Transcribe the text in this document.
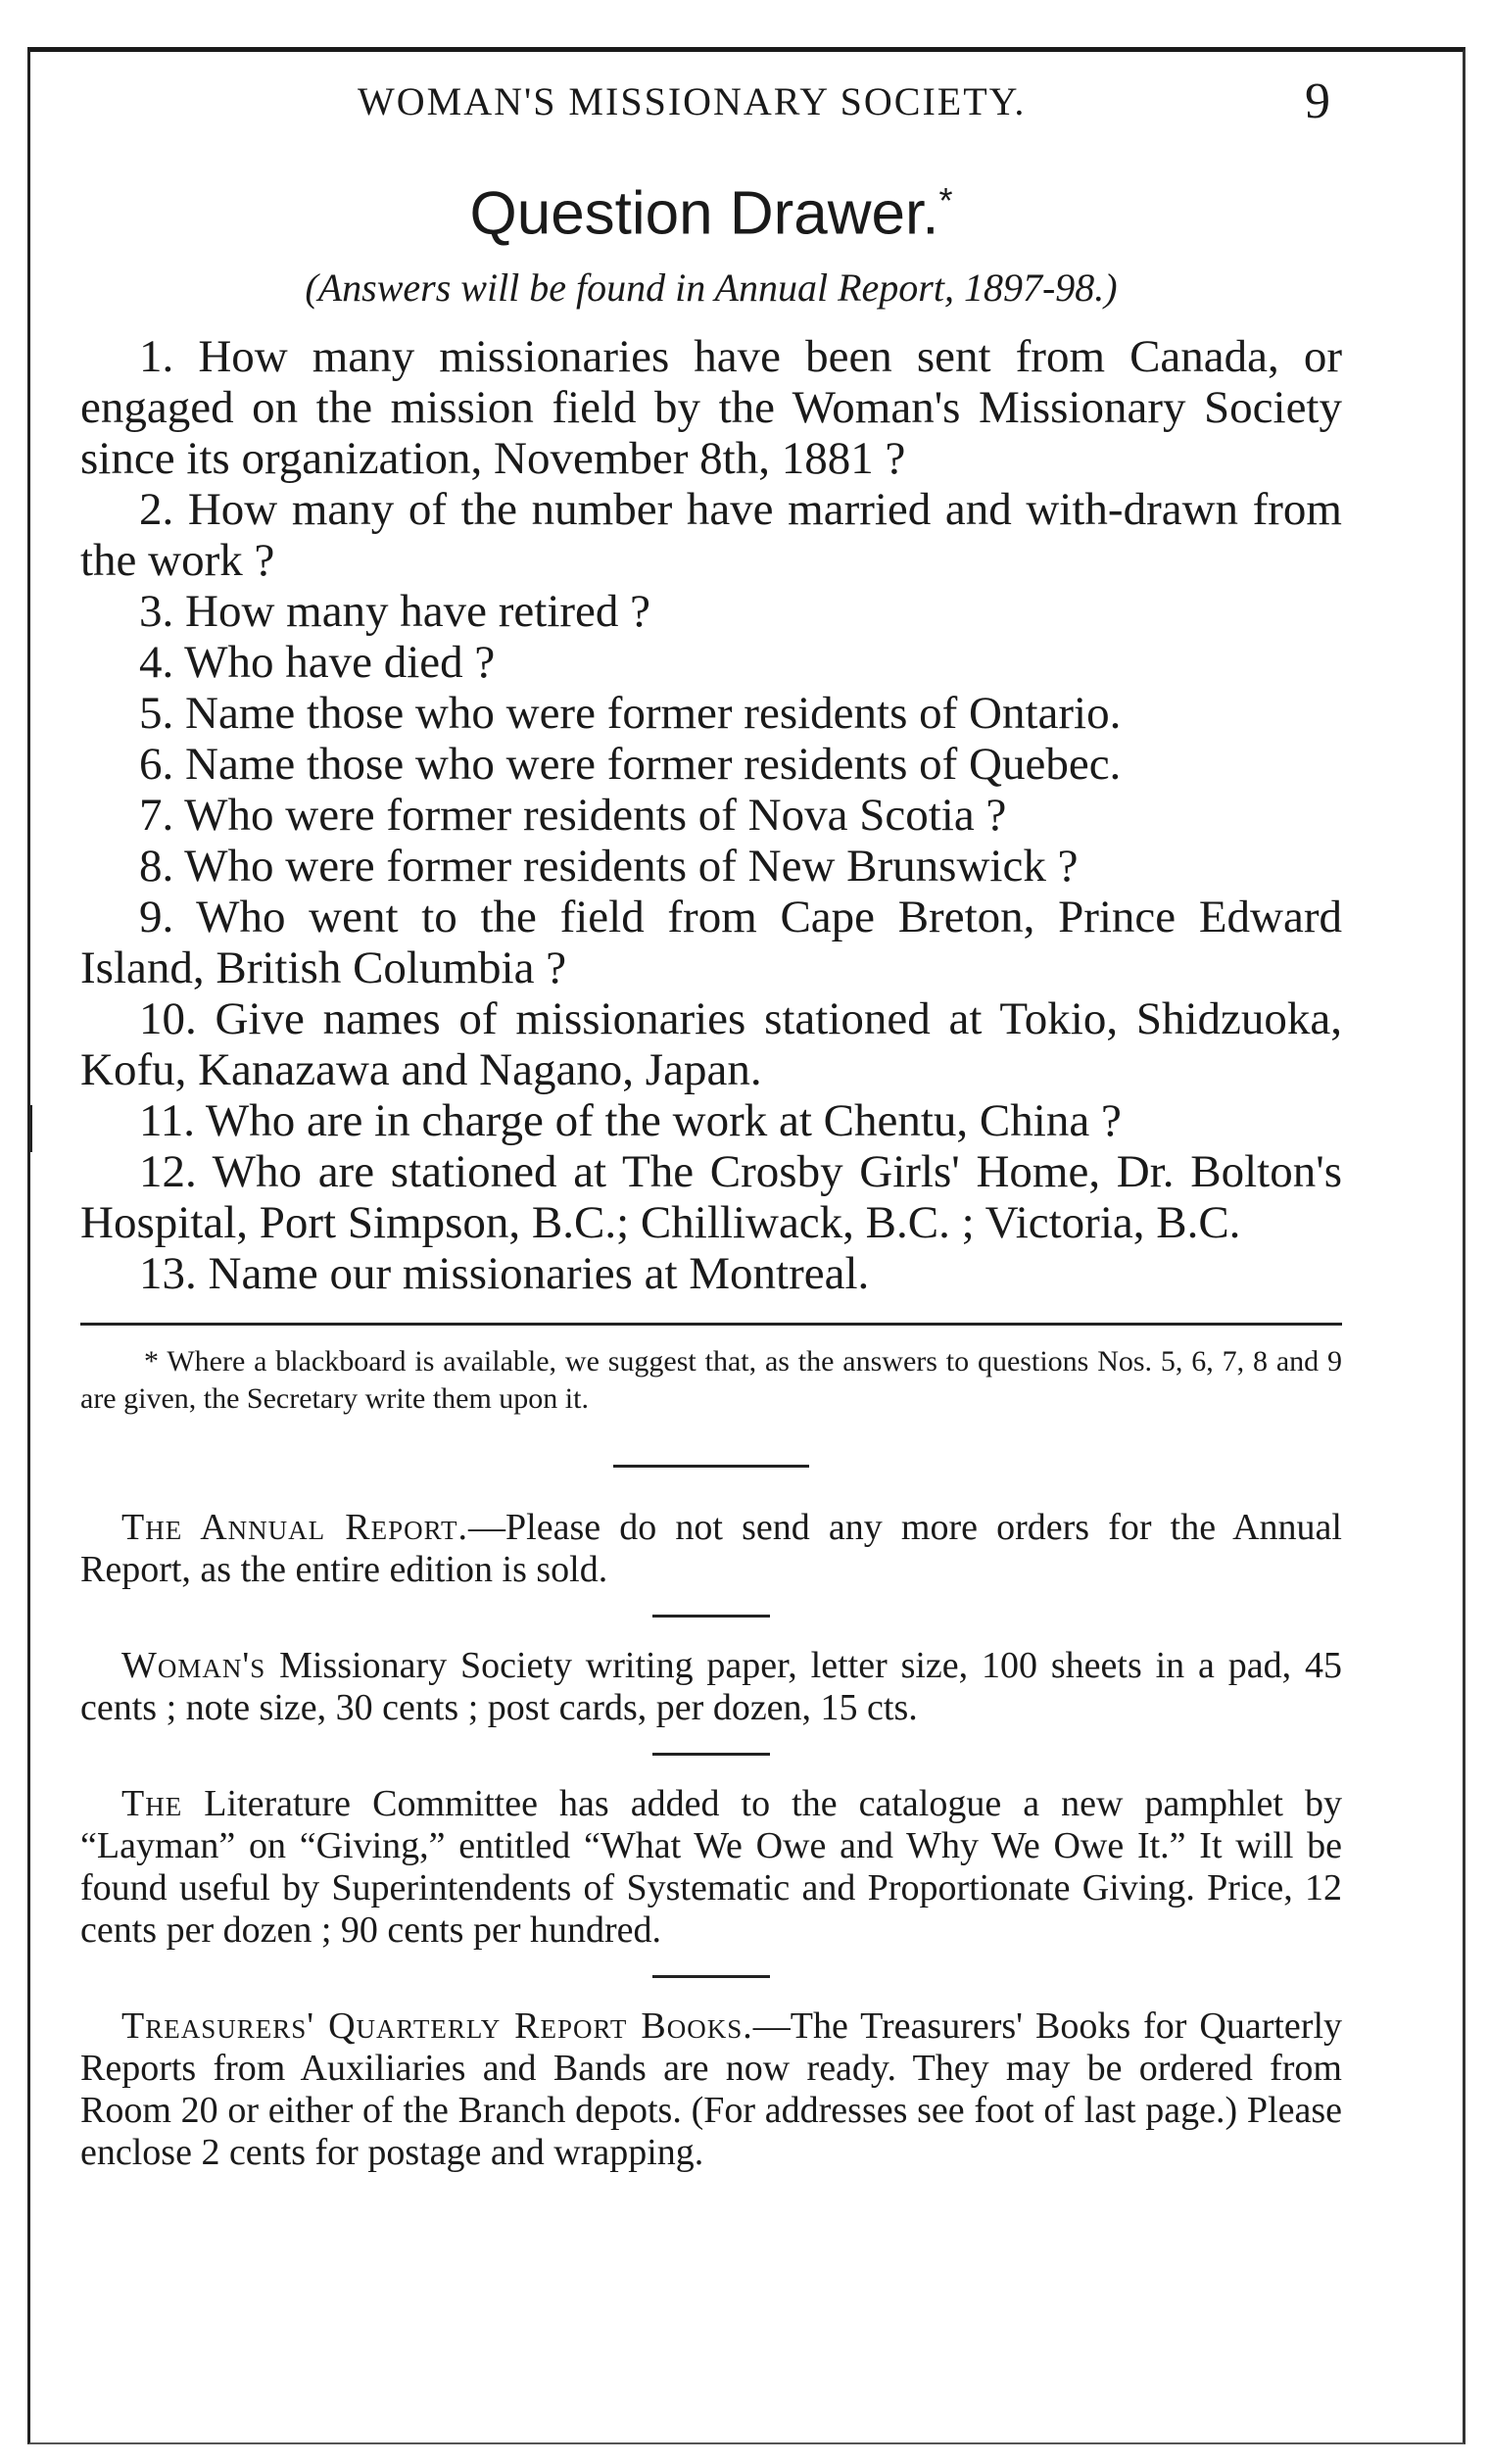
WOMAN'S MISSIONARY SOCIETY.	9
Question Drawer.*

(Answers will be found in Annual Report, 1897-98.)

1. How many missionaries have been sent from Canada, or engaged on the mission field by the Woman's Missionary Society since its organization, November 8th, 1881 ?

2. How many of the number have married and with-drawn from the work ?

3. How many have retired ?

4. Who have died ?

5. Name those who were former residents of Ontario.

6. Name those who were former residents of Quebec.

7. Who were former residents of Nova Scotia ?

8. Who were former residents of New Brunswick ?

9. Who went to the field from Cape Breton, Prince Edward Island, British Columbia ?

10. Give names of missionaries stationed at Tokio, Shidzuoka, Kofu, Kanazawa and Nagano, Japan.

11. Who are in charge of the work at Chentu, China ?

12. Who are stationed at The Crosby Girls' Home, Dr. Bolton's Hospital, Port Simpson, B.C.; Chilliwack, B.C. ; Victoria, B.C.

13. Name our missionaries at Montreal.

* Where a blackboard is available, we suggest that, as the answers to questions Nos. 5, 6, 7, 8 and 9 are given, the Secretary write them upon it.

The Annual Report.—Please do not send any more orders for the Annual Report, as the entire edition is sold.

Woman's Missionary Society writing paper, letter size, 100 sheets in a pad, 45 cents ; note size, 30 cents ; post cards, per dozen, 15 cts.

The Literature Committee has added to the catalogue a new pamphlet by “Layman” on “Giving,” entitled “What We Owe and Why We Owe It.” It will be found useful by Superintendents of Systematic and Proportionate Giving. Price, 12 cents per dozen ; 90 cents per hundred.

Treasurers' Quarterly Report Books.—The Treasurers' Books for Quarterly Reports from Auxiliaries and Bands are now ready. They may be ordered from Room 20 or either of the Branch depots. (For addresses see foot of last page.) Please enclose 2 cents for postage and wrapping.
